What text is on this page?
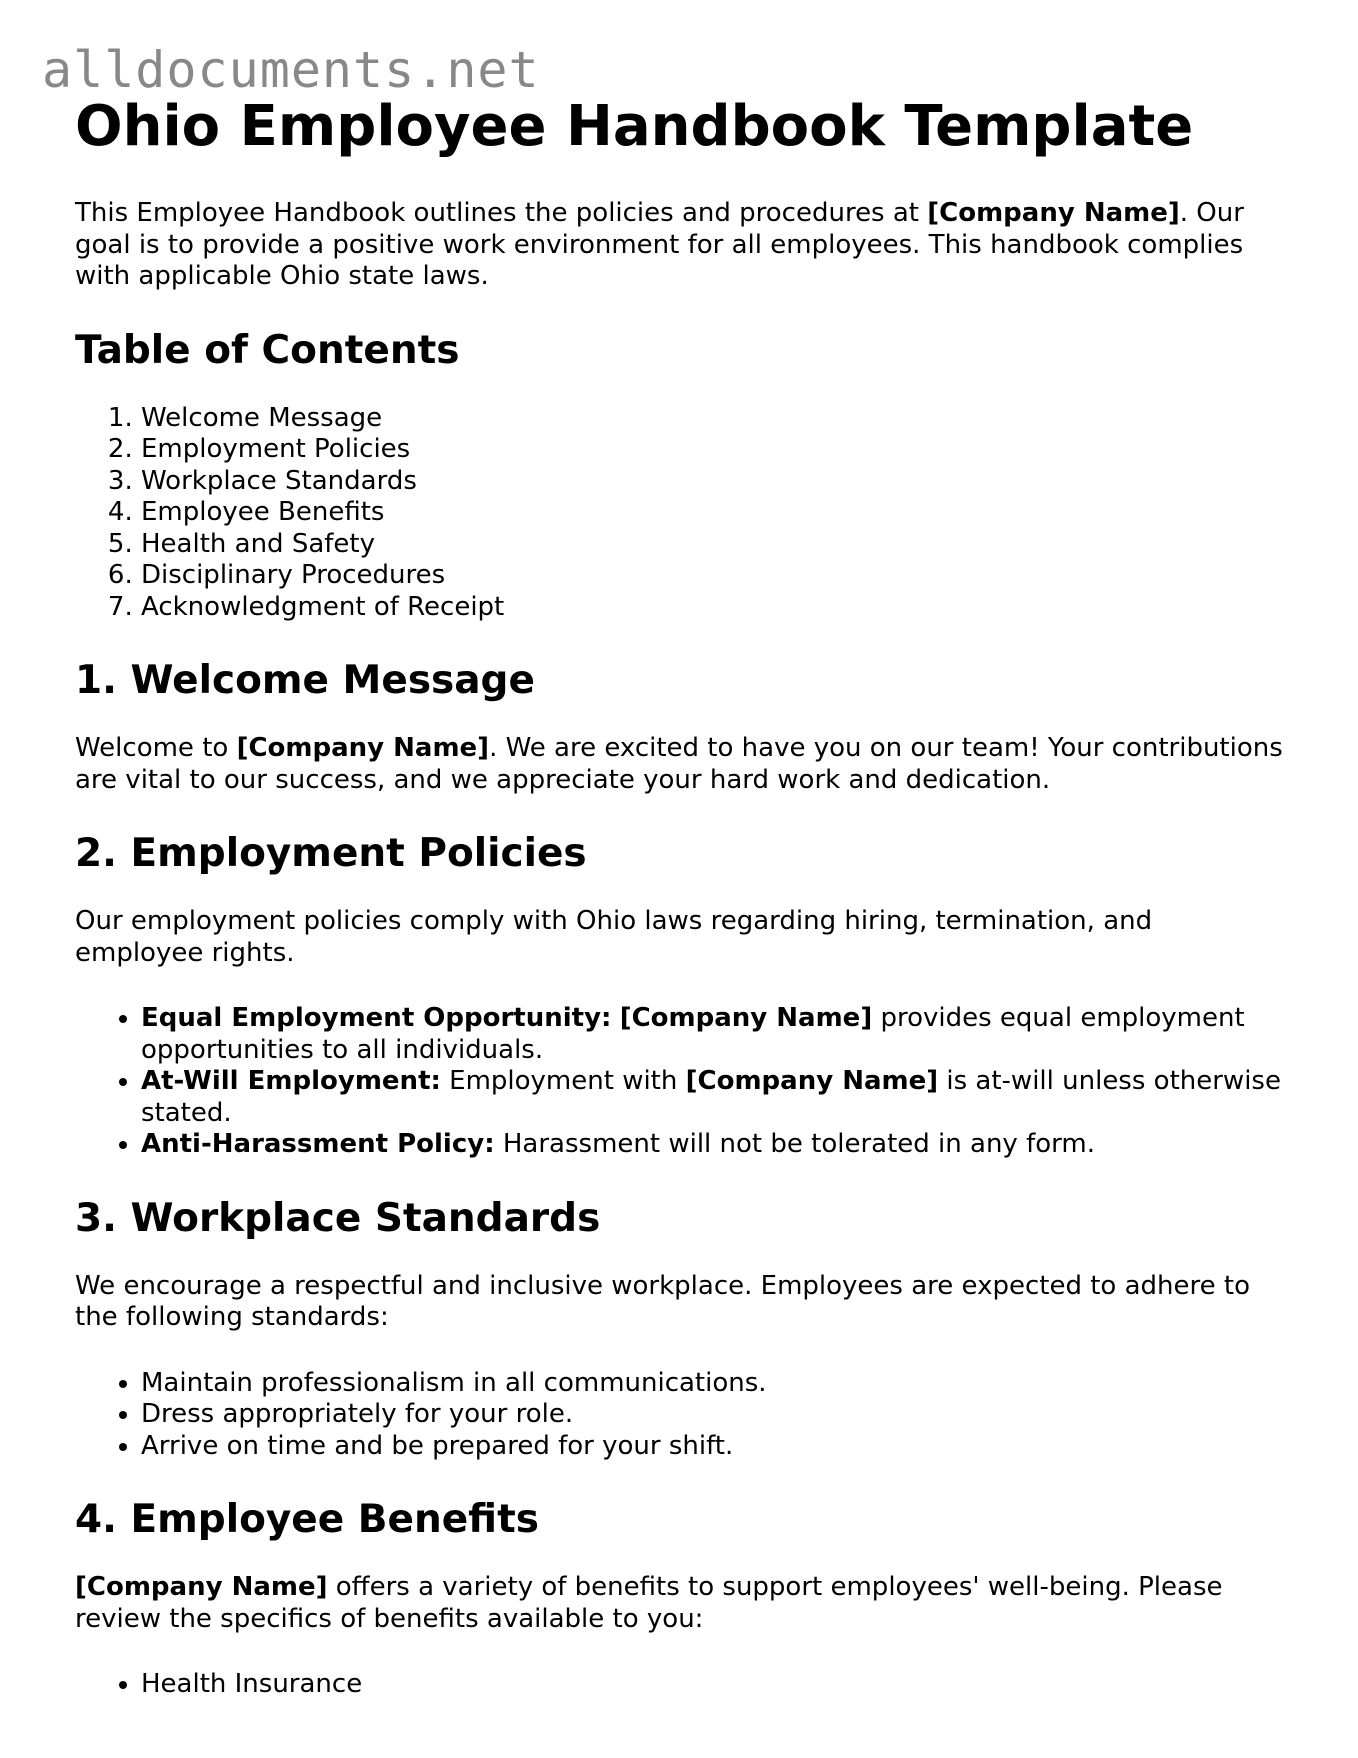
alldocuments.net
Ohio Employee Handbook Template

This Employee Handbook outlines the policies and procedures at [Company Name]. Our goal is to provide a positive work environment for all employees. This handbook complies with applicable Ohio state laws.

Table of Contents
1. Welcome Message
2. Employment Policies
3. Workplace Standards
4. Employee Benefits
5. Health and Safety
6. Disciplinary Procedures
7. Acknowledgment of Receipt
1. Welcome Message

Welcome to [Company Name]. We are excited to have you on our team! Your contributions are vital to our success, and we appreciate your hard work and dedication.

2. Employment Policies

Our employment policies comply with Ohio laws regarding hiring, termination, and employee rights.

• Equal Employment Opportunity: [Company Name] provides equal employment opportunities to all individuals.
• At-Will Employment: Employment with [Company Name] is at-will unless otherwise stated.
• Anti-Harassment Policy: Harassment will not be tolerated in any form.
3. Workplace Standards

We encourage a respectful and inclusive workplace. Employees are expected to adhere to the following standards:

• Maintain professionalism in all communications.
• Dress appropriately for your role.
• Arrive on time and be prepared for your shift.
4. Employee Benefits

[Company Name] offers a variety of benefits to support employees' well-being. Please review the specifics of benefits available to you:

• Health Insurance
